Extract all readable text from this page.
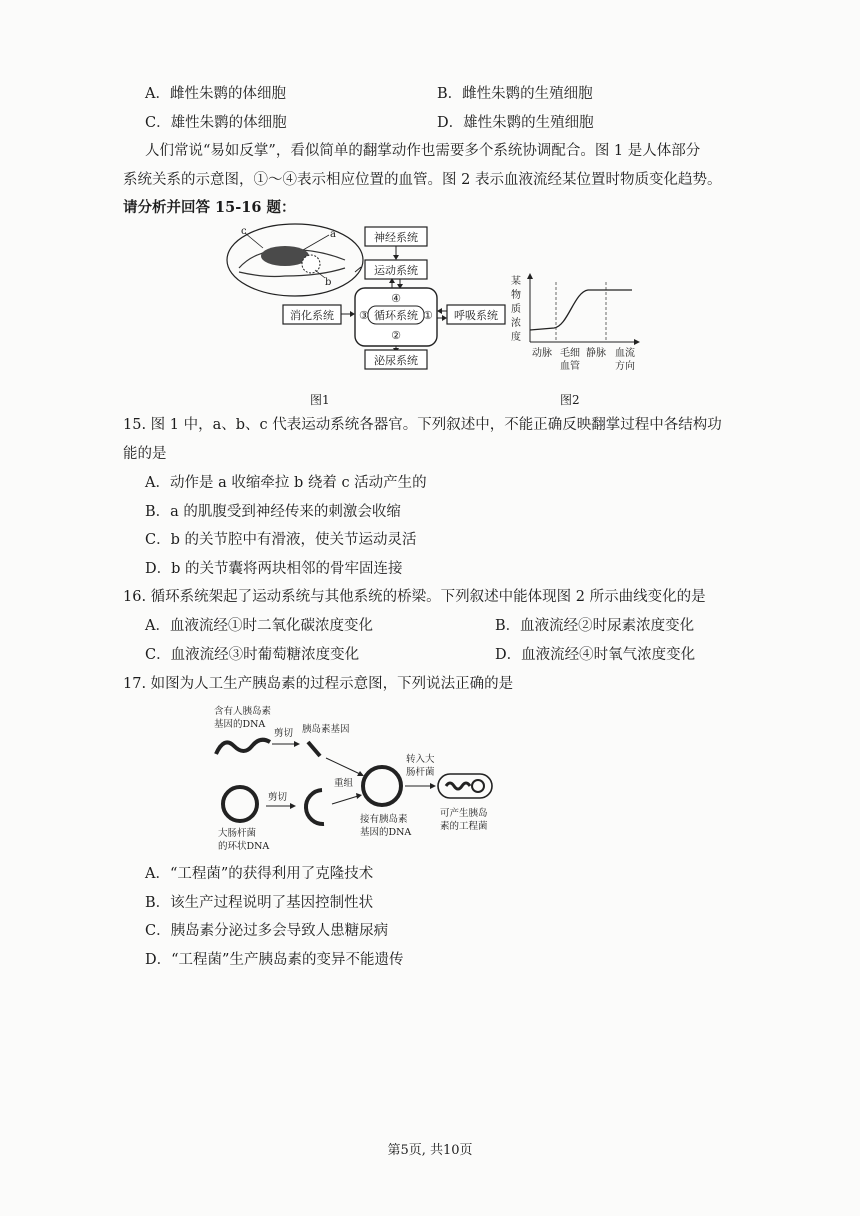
A．雌性朱鹮的体细胞	B．雌性朱鹮的生殖细胞
C．雄性朱鹮的体细胞	D．雄性朱鹮的生殖细胞
人们常说“易如反掌”，看似简单的翻掌动作也需要多个系统协调配合。图 1 是人体部分
系统关系的示意图，①～④表示相应位置的血管。图 2 表示血液流经某位置时物质变化趋势。
请分析并回答 15-16 题：
c	a
b
神经系统
运动系统
④
循环系统
②
③	①
消化系统	呼吸系统
泌尿系统
图1
某
物
质
浓
度
动脉 毛细
血管
静脉 血流
方向
图2
15. 图 1 中，a、b、c 代表运动系统各器官。下列叙述中，不能正确反映翻掌过程中各结构功
能的是
A．动作是 a 收缩牵拉 b 绕着 c 活动产生的
B．a 的肌腹受到神经传来的刺激会收缩
C．b 的关节腔中有滑液，使关节运动灵活
D．b 的关节囊将两块相邻的骨牢固连接
16. 循环系统架起了运动系统与其他系统的桥梁。下列叙述中能体现图 2 所示曲线变化的是
A．血液流经①时二氧化碳浓度变化	B．血液流经②时尿素浓度变化
C．血液流经③时葡萄糖浓度变化	D．血液流经④时氧气浓度变化
17. 如图为人工生产胰岛素的过程示意图，下列说法正确的是
含有人胰岛素
基因的DNA
剪切 胰岛素基因
重组
大肠杆菌
的环状DNA
剪切
接有胰岛素
基因的DNA
转入大
肠杆菌
可产生胰岛
素的工程菌
A．“工程菌”的获得利用了克隆技术
B．该生产过程说明了基因控制性状
C．胰岛素分泌过多会导致人患糖尿病
D．“工程菌”生产胰岛素的变异不能遗传
第5页, 共10页
